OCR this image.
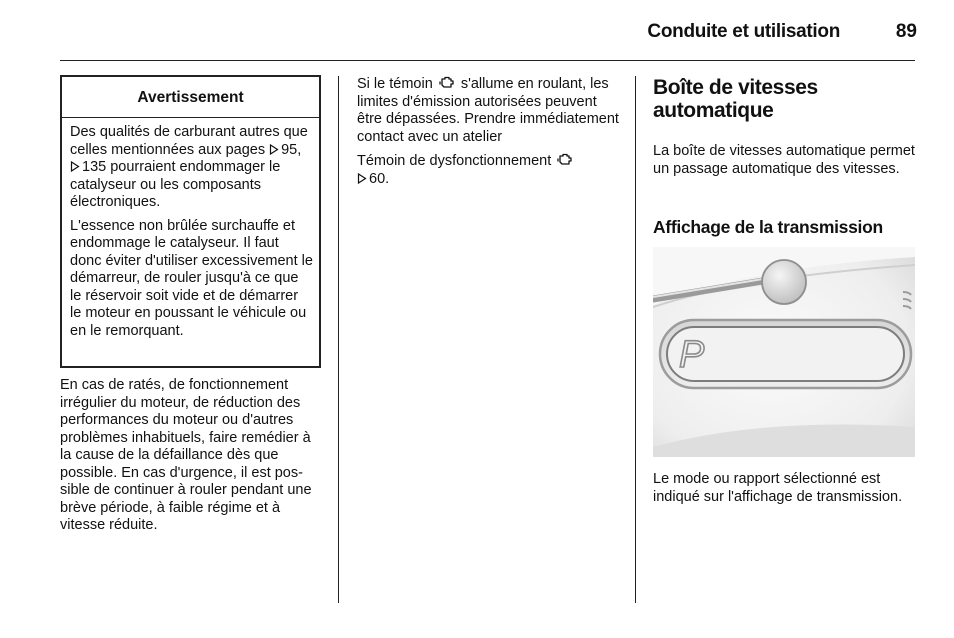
Conduite et utilisation	89
Avertissement

Des qualités de carburant autres que celles mentionnées aux pages 95, 135 pourraient endommager le catalyseur ou les composants électroniques.

L'essence non brûlée surchauffe et endommage le catalyseur. Il faut donc éviter d'utiliser excessivement le démarreur, de rouler jusqu'à ce que le réservoir soit vide et de démarrer le moteur en poussant le véhicule ou en le remorquant.

En cas de ratés, de fonctionnement irrégulier du moteur, de réduction des performances du moteur ou d'autres problèmes inhabituels, faire remédier à la cause de la défaillance dès que possible. En cas d'urgence, il est possible de continuer à rouler pendant une brève période, à faible régime et à vitesse réduite.

Si le témoin s'allume en roulant, les limites d'émission autorisées peuvent être dépassées. Prendre immédiatement contact avec un atelier

Témoin de dysfonctionnement
60.

Boîte de vitesses automatique

La boîte de vitesses automatique permet un passage automatique des vitesses.

Affichage de la transmission
P

Le mode ou rapport sélectionné est indiqué sur l'affichage de transmission.
